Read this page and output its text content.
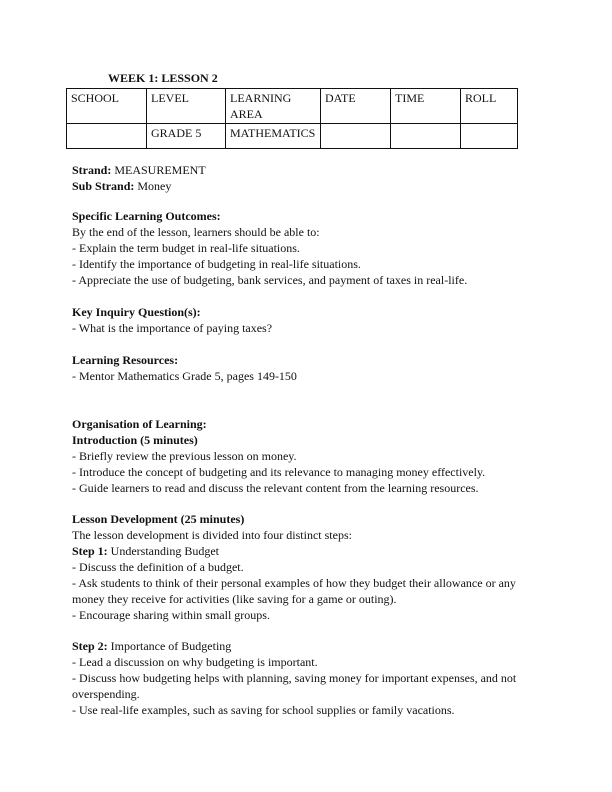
WEEK 1: LESSON 2
SCHOOL	LEVEL	LEARNING AREA	DATE	TIME	ROLL
	GRADE 5	MATHEMATICS			
Strand: MEASUREMENT
Sub Strand: Money
Specific Learning Outcomes:
By the end of the lesson, learners should be able to:
- Explain the term budget in real-life situations.
- Identify the importance of budgeting in real-life situations.
- Appreciate the use of budgeting, bank services, and payment of taxes in real-life.
Key Inquiry Question(s):
- What is the importance of paying taxes?
Learning Resources:
- Mentor Mathematics Grade 5, pages 149-150
Organisation of Learning:
Introduction (5 minutes)
- Briefly review the previous lesson on money.
- Introduce the concept of budgeting and its relevance to managing money effectively.
- Guide learners to read and discuss the relevant content from the learning resources.
Lesson Development (25 minutes)
The lesson development is divided into four distinct steps:
Step 1: Understanding Budget
- Discuss the definition of a budget.
- Ask students to think of their personal examples of how they budget their allowance or any
money they receive for activities (like saving for a game or outing).
- Encourage sharing within small groups.
Step 2: Importance of Budgeting
- Lead a discussion on why budgeting is important.
- Discuss how budgeting helps with planning, saving money for important expenses, and not
overspending.
- Use real-life examples, such as saving for school supplies or family vacations.
